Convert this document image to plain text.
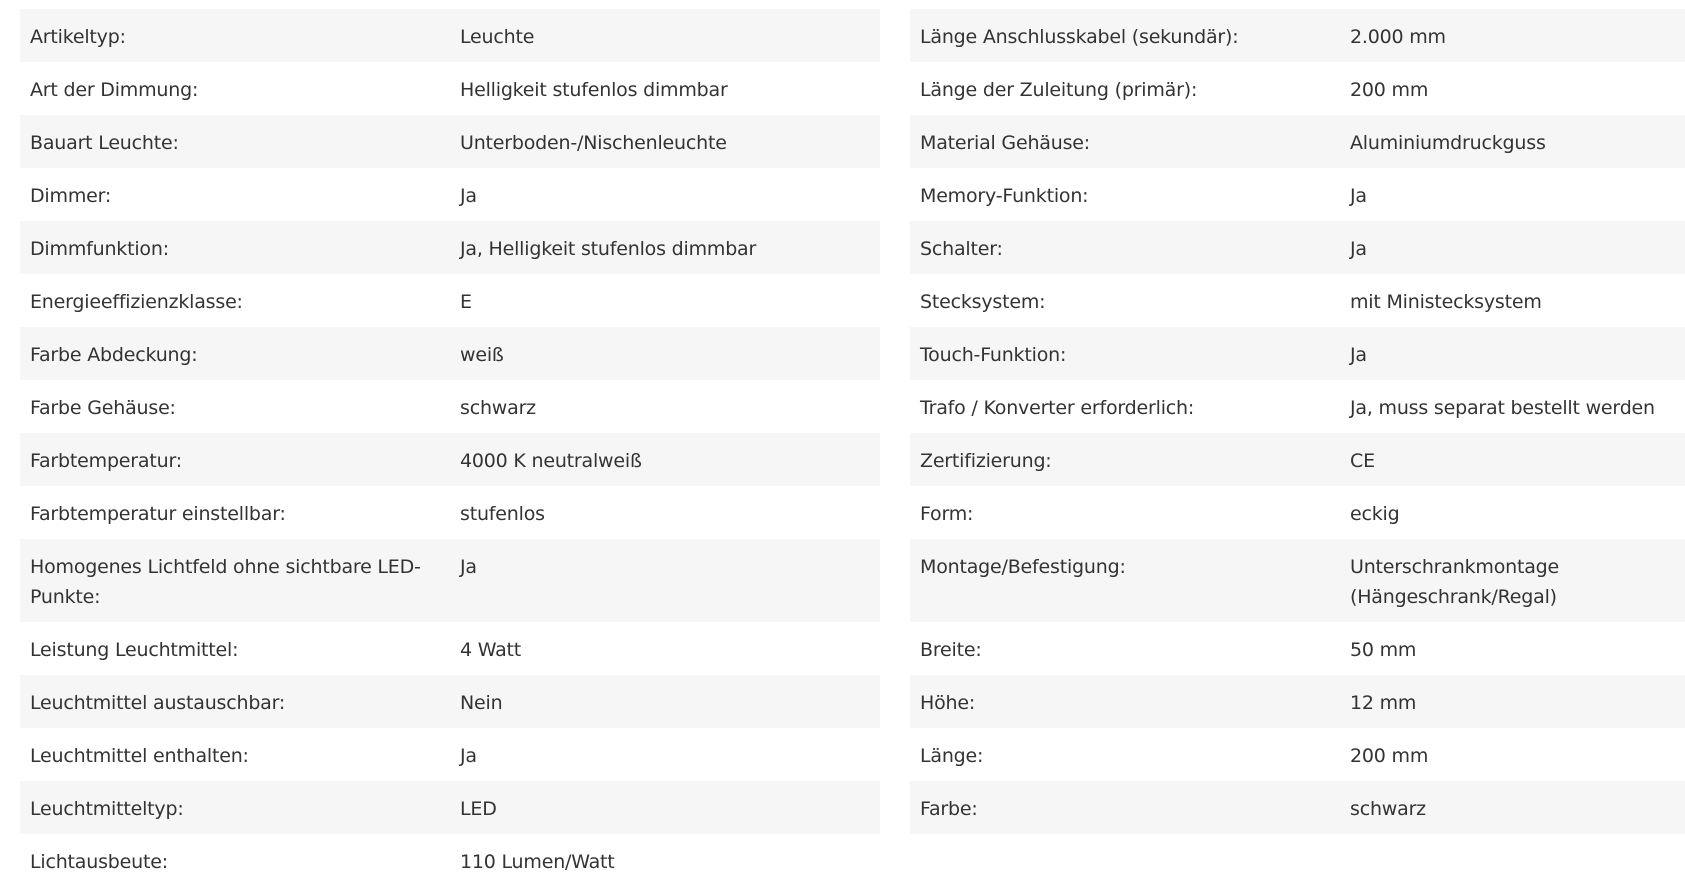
Artikeltyp:	Leuchte
Art der Dimmung:	Helligkeit stufenlos dimmbar
Bauart Leuchte:	Unterboden-/Nischenleuchte
Dimmer:	Ja
Dimmfunktion:	Ja, Helligkeit stufenlos dimmbar
Energieeffizienzklasse:	E
Farbe Abdeckung:	weiß
Farbe Gehäuse:	schwarz
Farbtemperatur:	4000 K neutralweiß
Farbtemperatur einstellbar:	stufenlos
Homogenes Lichtfeld ohne sichtbare LED-Punkte:
Ja
Leistung Leuchtmittel:	4 Watt
Leuchtmittel austauschbar:	Nein
Leuchtmittel enthalten:	Ja
Leuchtmitteltyp:	LED
Lichtausbeute:	110 Lumen/Watt
Länge Anschlusskabel (sekundär):	2.000 mm
Länge der Zuleitung (primär):	200 mm
Material Gehäuse:	Aluminiumdruckguss
Memory-Funktion:	Ja
Schalter:	Ja
Stecksystem:	mit Ministecksystem
Touch-Funktion:	Ja
Trafo / Konverter erforderlich:	Ja, muss separat bestellt werden
Zertifizierung:	CE
Form:	eckig
Montage/Befestigung:	Unterschrankmontage (Hängeschrank/Regal)
Breite:	50 mm
Höhe:	12 mm
Länge:	200 mm
Farbe:	schwarz
